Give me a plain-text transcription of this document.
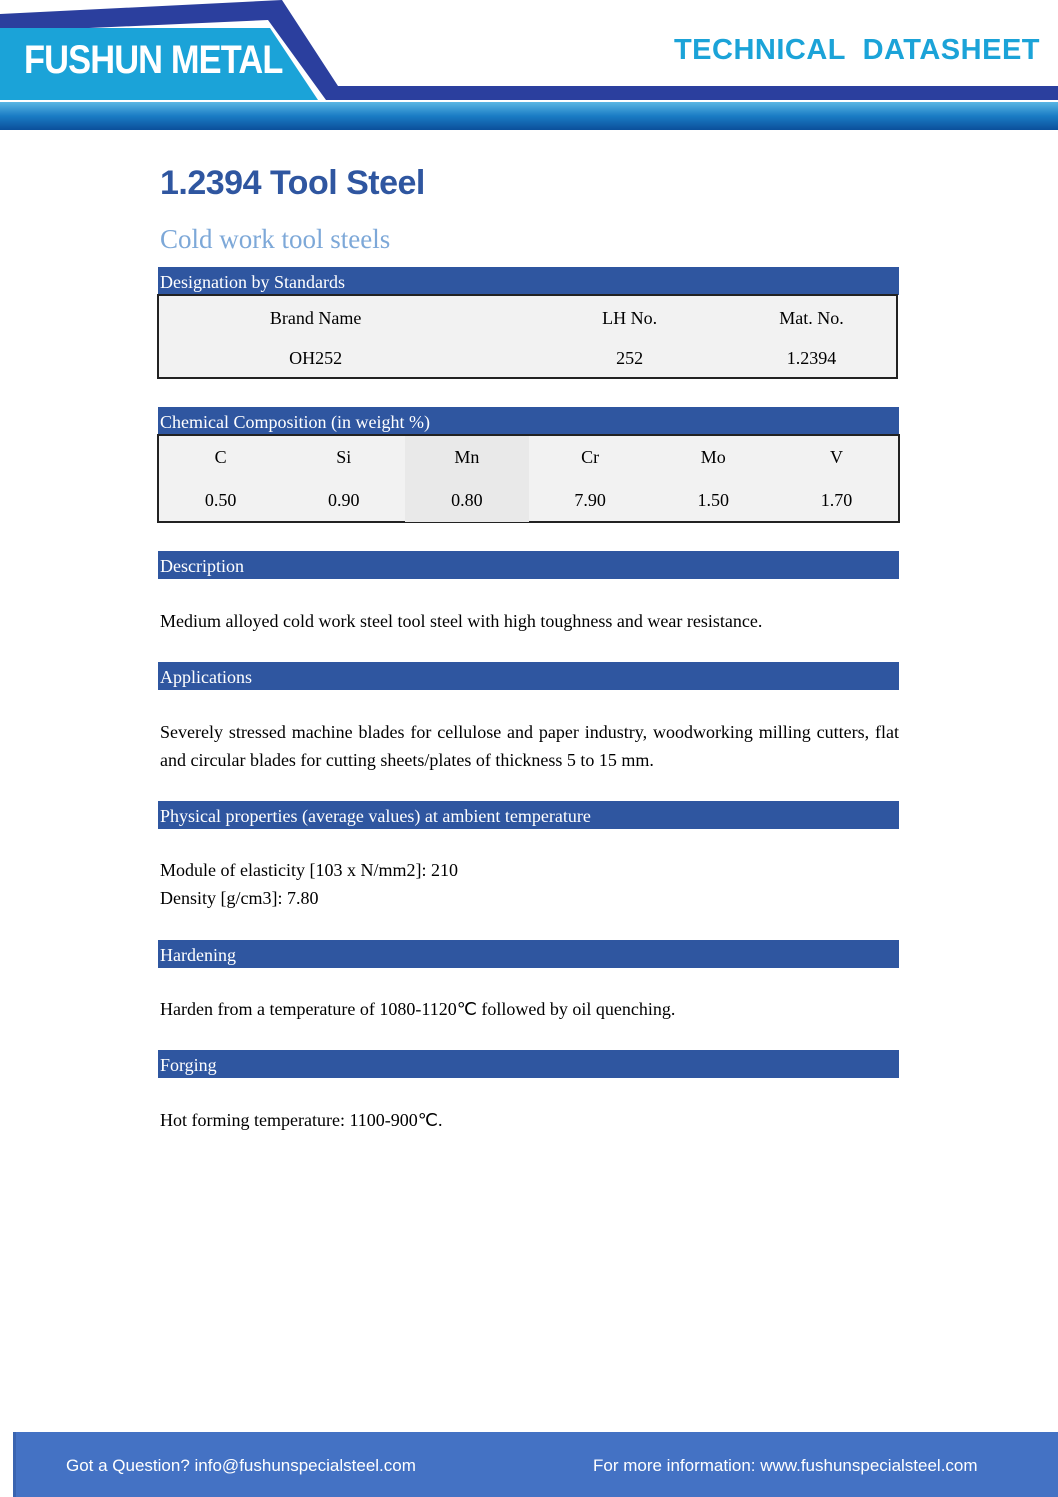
FUSHUN METAL	TECHNICAL  DATASHEET
1.2394 Tool Steel
Cold work tool steels
Designation by Standards
Brand Name	LH No.	Mat. No.
OH252	252	1.2394
Chemical Composition (in weight %)
C	Si	Mn	Cr	Mo	V
0.50	0.90	0.80	7.90	1.50	1.70
Description
Medium alloyed cold work steel tool steel with high toughness and wear resistance.
Applications
Severely stressed machine blades for cellulose and paper industry, woodworking milling cutters, flat and circular blades for cutting sheets/plates of thickness 5 to 15 mm.
Physical properties (average values) at ambient temperature
Module of elasticity [103 x N/mm2]: 210
Density [g/cm3]: 7.80
Hardening
Harden from a temperature of 1080-1120℃ followed by oil quenching.
Forging
Hot forming temperature: 1100-900℃.
Got a Question? info@fushunspecialsteel.com	For more information: www.fushunspecialsteel.com
